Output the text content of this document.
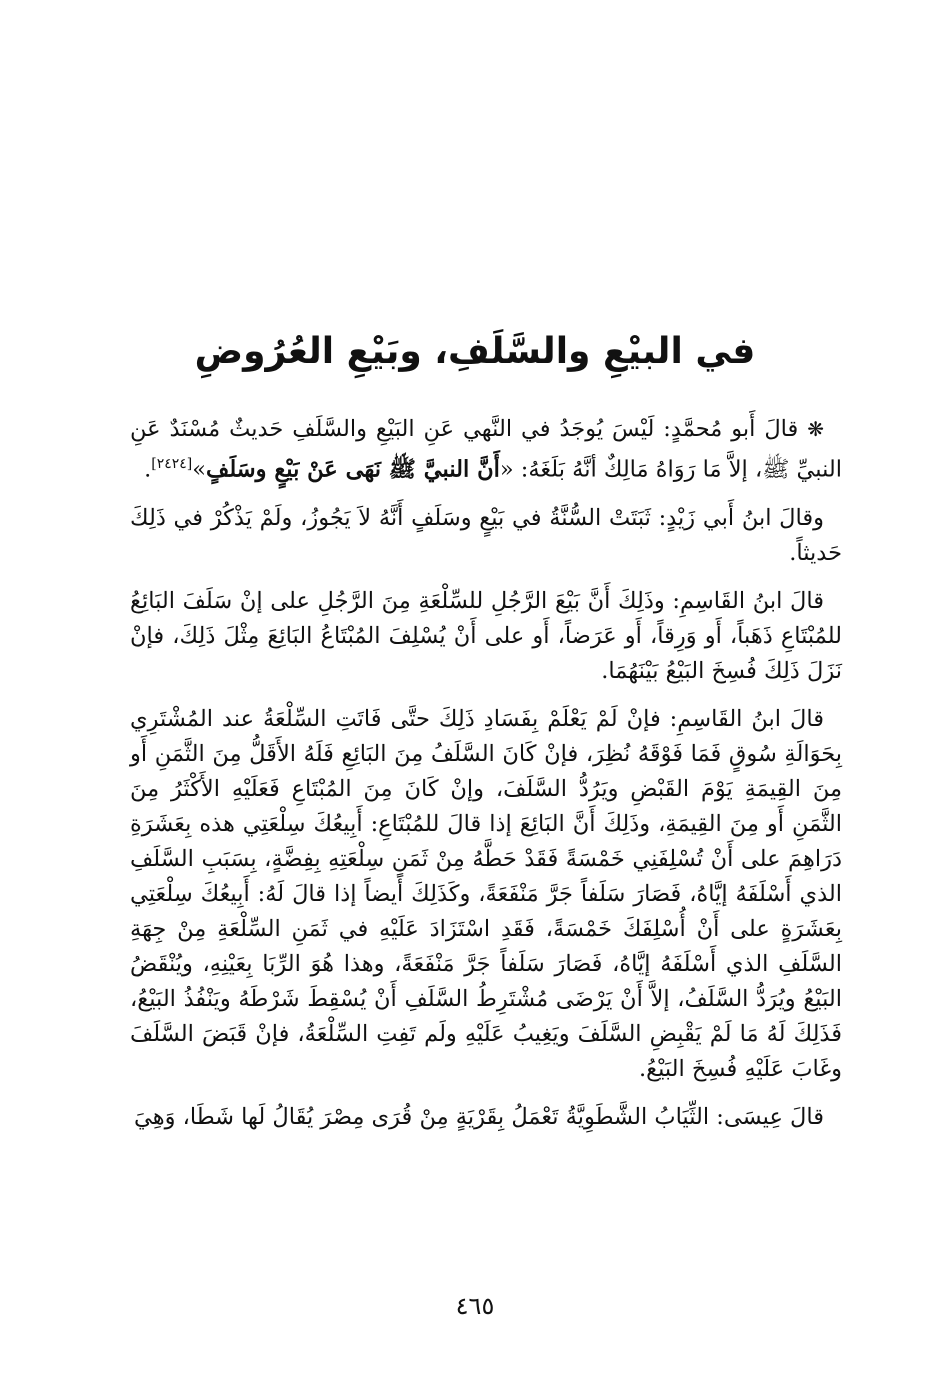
في البيْعِ والسَّلَفِ، وبَيْعِ العُرُوضِ

❋ قالَ أَبو مُحمَّدٍ: لَيْسَ يُوجَدُ في النَّهي عَنِ البَيْعِ والسَّلَفِ حَديثٌ مُسْنَدٌ عَنِ النبيِّ ﷺ، إلاَّ مَا رَوَاهُ مَالِكٌ أنَّهُ بَلَغَهُ: «أَنَّ النبيَّ ﷺ نَهَى عَنْ بَيْعٍ وسَلَفٍ»[٢٤٢٤].

وقالَ ابنُ أَبي زَيْدٍ: ثَبَتَتْ السُّنَّةُ في بَيْعٍ وسَلَفٍ أَنَّهُ لاَ يَجُوزُ، ولَمْ يَذْكُرْ في ذَلِكَ حَديثاً.

قالَ ابنُ القَاسِمِ: وذَلِكَ أَنَّ بَيْعَ الرَّجُلِ للسِّلْعَةِ مِنَ الرَّجُلِ على إنْ سَلَفَ البَائِعُ للمُبْتَاعِ ذَهَباً، أَو وَرِقاً، أَو عَرَضاً، أَو على أَنْ يُسْلِفَ المُبْتَاعُ البَائِعَ مِثْلَ ذَلِكَ، فإنْ نَزَلَ ذَلِكَ فُسِخَ البَيْعُ بَيْنَهُمَا.

قالَ ابنُ القَاسِمِ: فإنْ لَمْ يَعْلَمْ بِفَسَادِ ذَلِكَ حتَّى فَاتَتِ السِّلْعَةُ عند المُشْتَرِي بِحَوَالَةِ سُوقٍ فَمَا فَوْقَهُ نُظِرَ، فإنْ كَانَ السَّلَفُ مِنَ البَائِعِ فَلَهُ الأَقَلُّ مِنَ الثَّمَنِ أَو مِنَ القِيمَةِ يَوْمَ القَبْضِ ويَرُدُّ السَّلَفَ، وإنْ كَانَ مِنَ المُبْتَاعِ فَعَلَيْهِ الأَكْثَرُ مِنَ الثَّمَنِ أَو مِنَ القِيمَةِ، وذَلِكَ أَنَّ البَائِعَ إذا قالَ للمُبْتَاعِ: أَبِيعُكَ سِلْعَتِي هذه بِعَشَرَةِ دَرَاهِمَ على أَنْ تُسْلِفَنِي خَمْسَةً فَقَدْ حَطَّهُ مِنْ ثَمَنِ سِلْعَتِهِ بِفِضَّةٍ، بِسَبَبِ السَّلَفِ الذي أَسْلَفَهُ إيَّاهُ، فَصَارَ سَلَفاً جَرَّ مَنْفَعَةً، وكَذَلِكَ أَيضاً إذا قالَ لَهُ: أَبِيعُكَ سِلْعَتِي بِعَشَرَةٍ على أَنْ أُسْلِفَكَ خَمْسَةً، فَقَدِ اسْتَزَادَ عَلَيْهِ في ثَمَنِ السِّلْعَةِ مِنْ جِهَةِ السَّلَفِ الذي أَسْلَفَهُ إيَّاهُ، فَصَارَ سَلَفاً جَرَّ مَنْفَعَةً، وهذا هُوَ الرِّبَا بِعَيْنِهِ، ويُنْقَضُ البَيْعُ ويُرَدُّ السَّلَفُ، إلاَّ أَنْ يَرْضَى مُشْتَرِطُ السَّلَفِ أَنْ يُسْقِطَ شَرْطَهُ ويَنْفُذُ البَيْعُ، فَذَلِكَ لَهُ مَا لَمْ يَقْبِضِ السَّلَفَ ويَغِيبُ عَلَيْهِ ولَم تَفِتِ السِّلْعَةُ، فإنْ قَبَضَ السَّلَفَ وغَابَ عَلَيْهِ فُسِخَ البَيْعُ.

قالَ عِيسَى: الثِّيَابُ الشَّطَوِيَّةُ تَعْمَلُ بِقَرْيَةٍ مِنْ قُرَى مِصْرَ يُقَالُ لَها شَطَا، وَهِيَ

٤٦٥
